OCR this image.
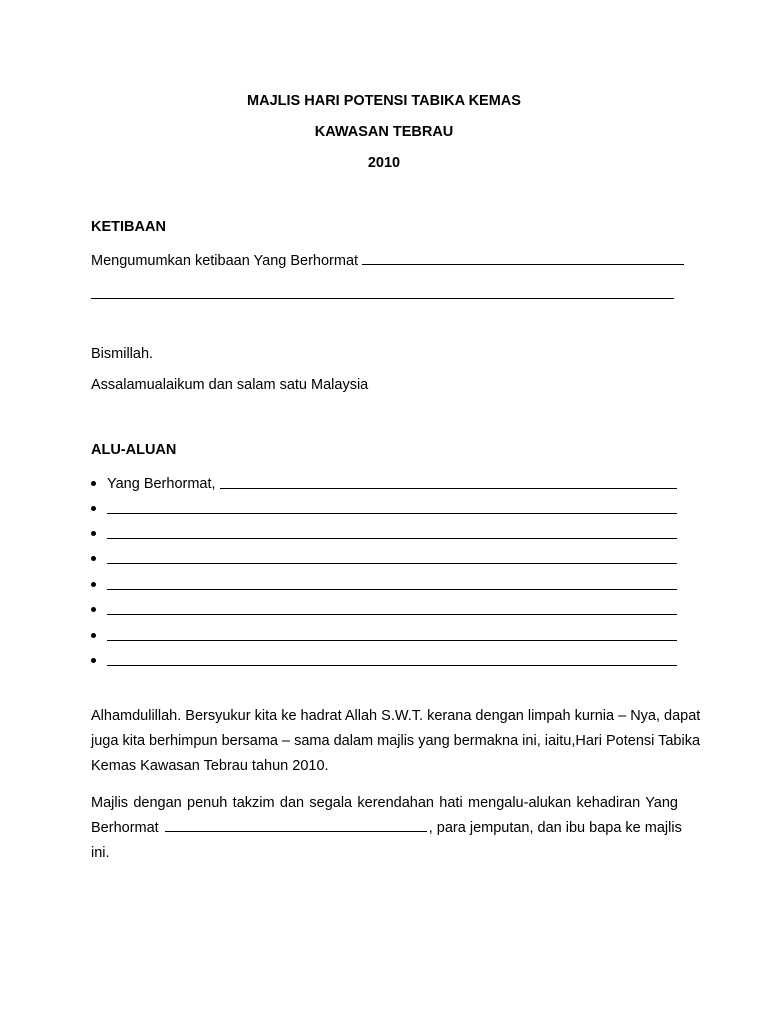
MAJLIS HARI POTENSI TABIKA KEMAS
KAWASAN TEBRAU
2010
KETIBAAN
Mengumumkan ketibaan Yang Berhormat
Bismillah.
Assalamualaikum dan salam satu Malaysia
ALU-ALUAN
Yang Berhormat,
Alhamdulillah. Bersyukur kita ke hadrat Allah S.W.T. kerana dengan limpah kurnia – Nya, dapat
juga kita berhimpun bersama – sama dalam majlis yang bermakna ini, iaitu,Hari Potensi Tabika
Kemas Kawasan Tebrau tahun 2010.
Majlis dengan penuh takzim dan segala kerendahan hati mengalu-alukan kehadiran Yang
Berhormat	, para jemputan, dan ibu bapa ke majlis
ini.
